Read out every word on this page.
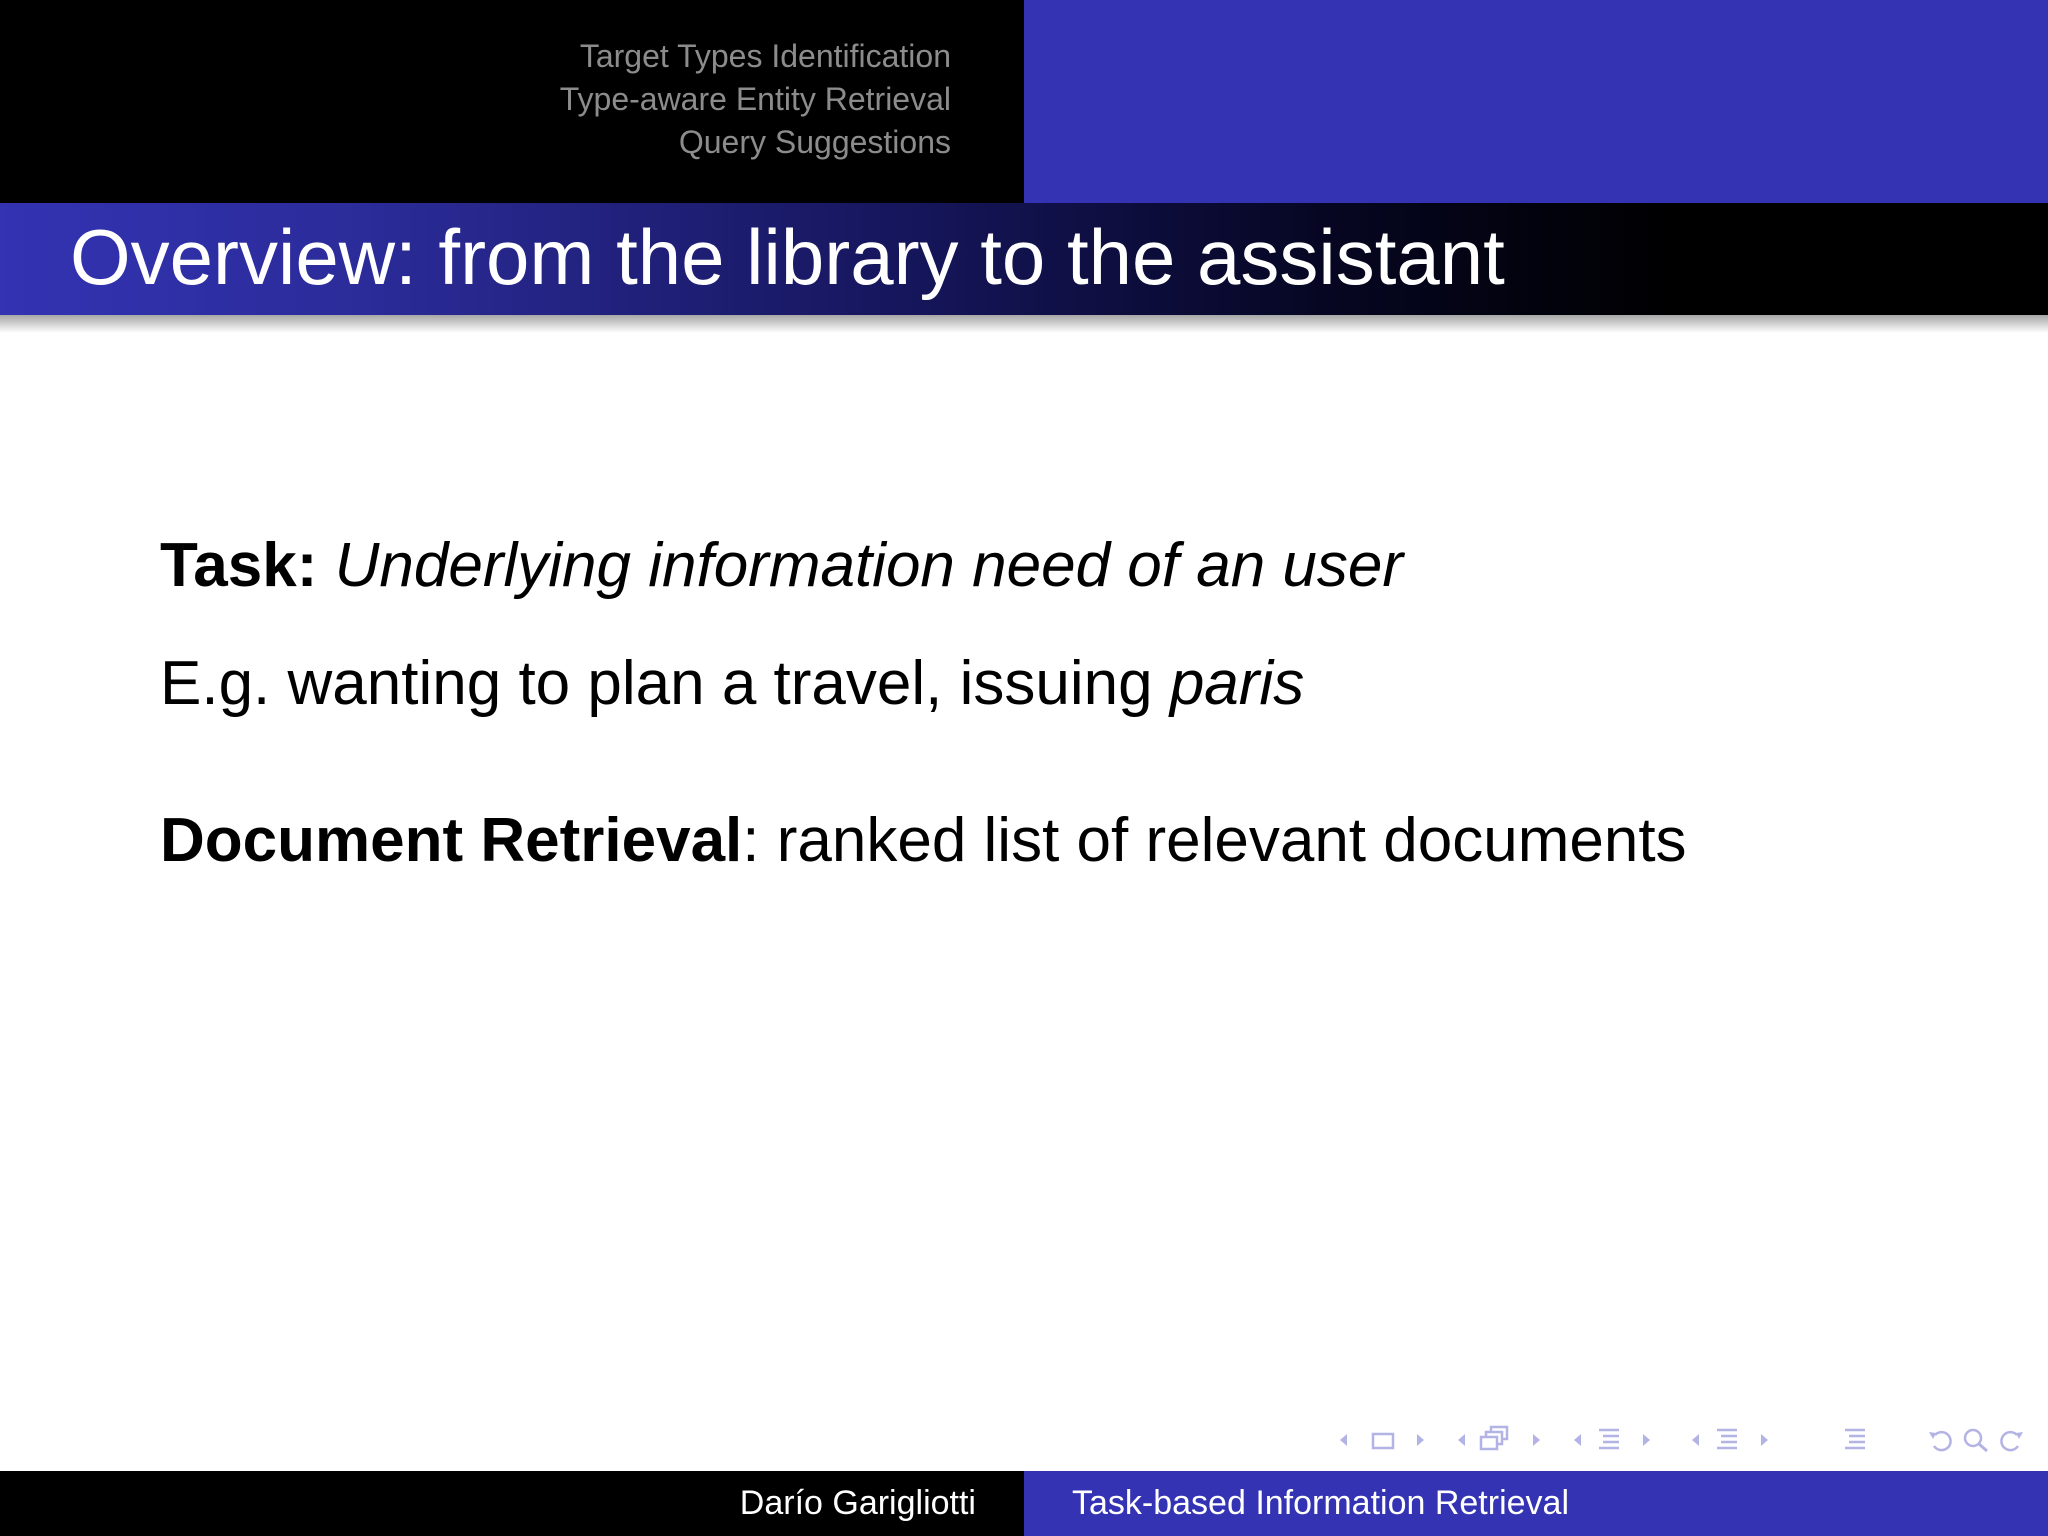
Target Types Identification
Type-aware Entity Retrieval
Query Suggestions
Overview: from the library to the assistant
Task: Underlying information need of an user
E.g. wanting to plan a travel, issuing paris
Document Retrieval: ranked list of relevant documents
Darío Garigliotti	Task-based Information Retrieval
